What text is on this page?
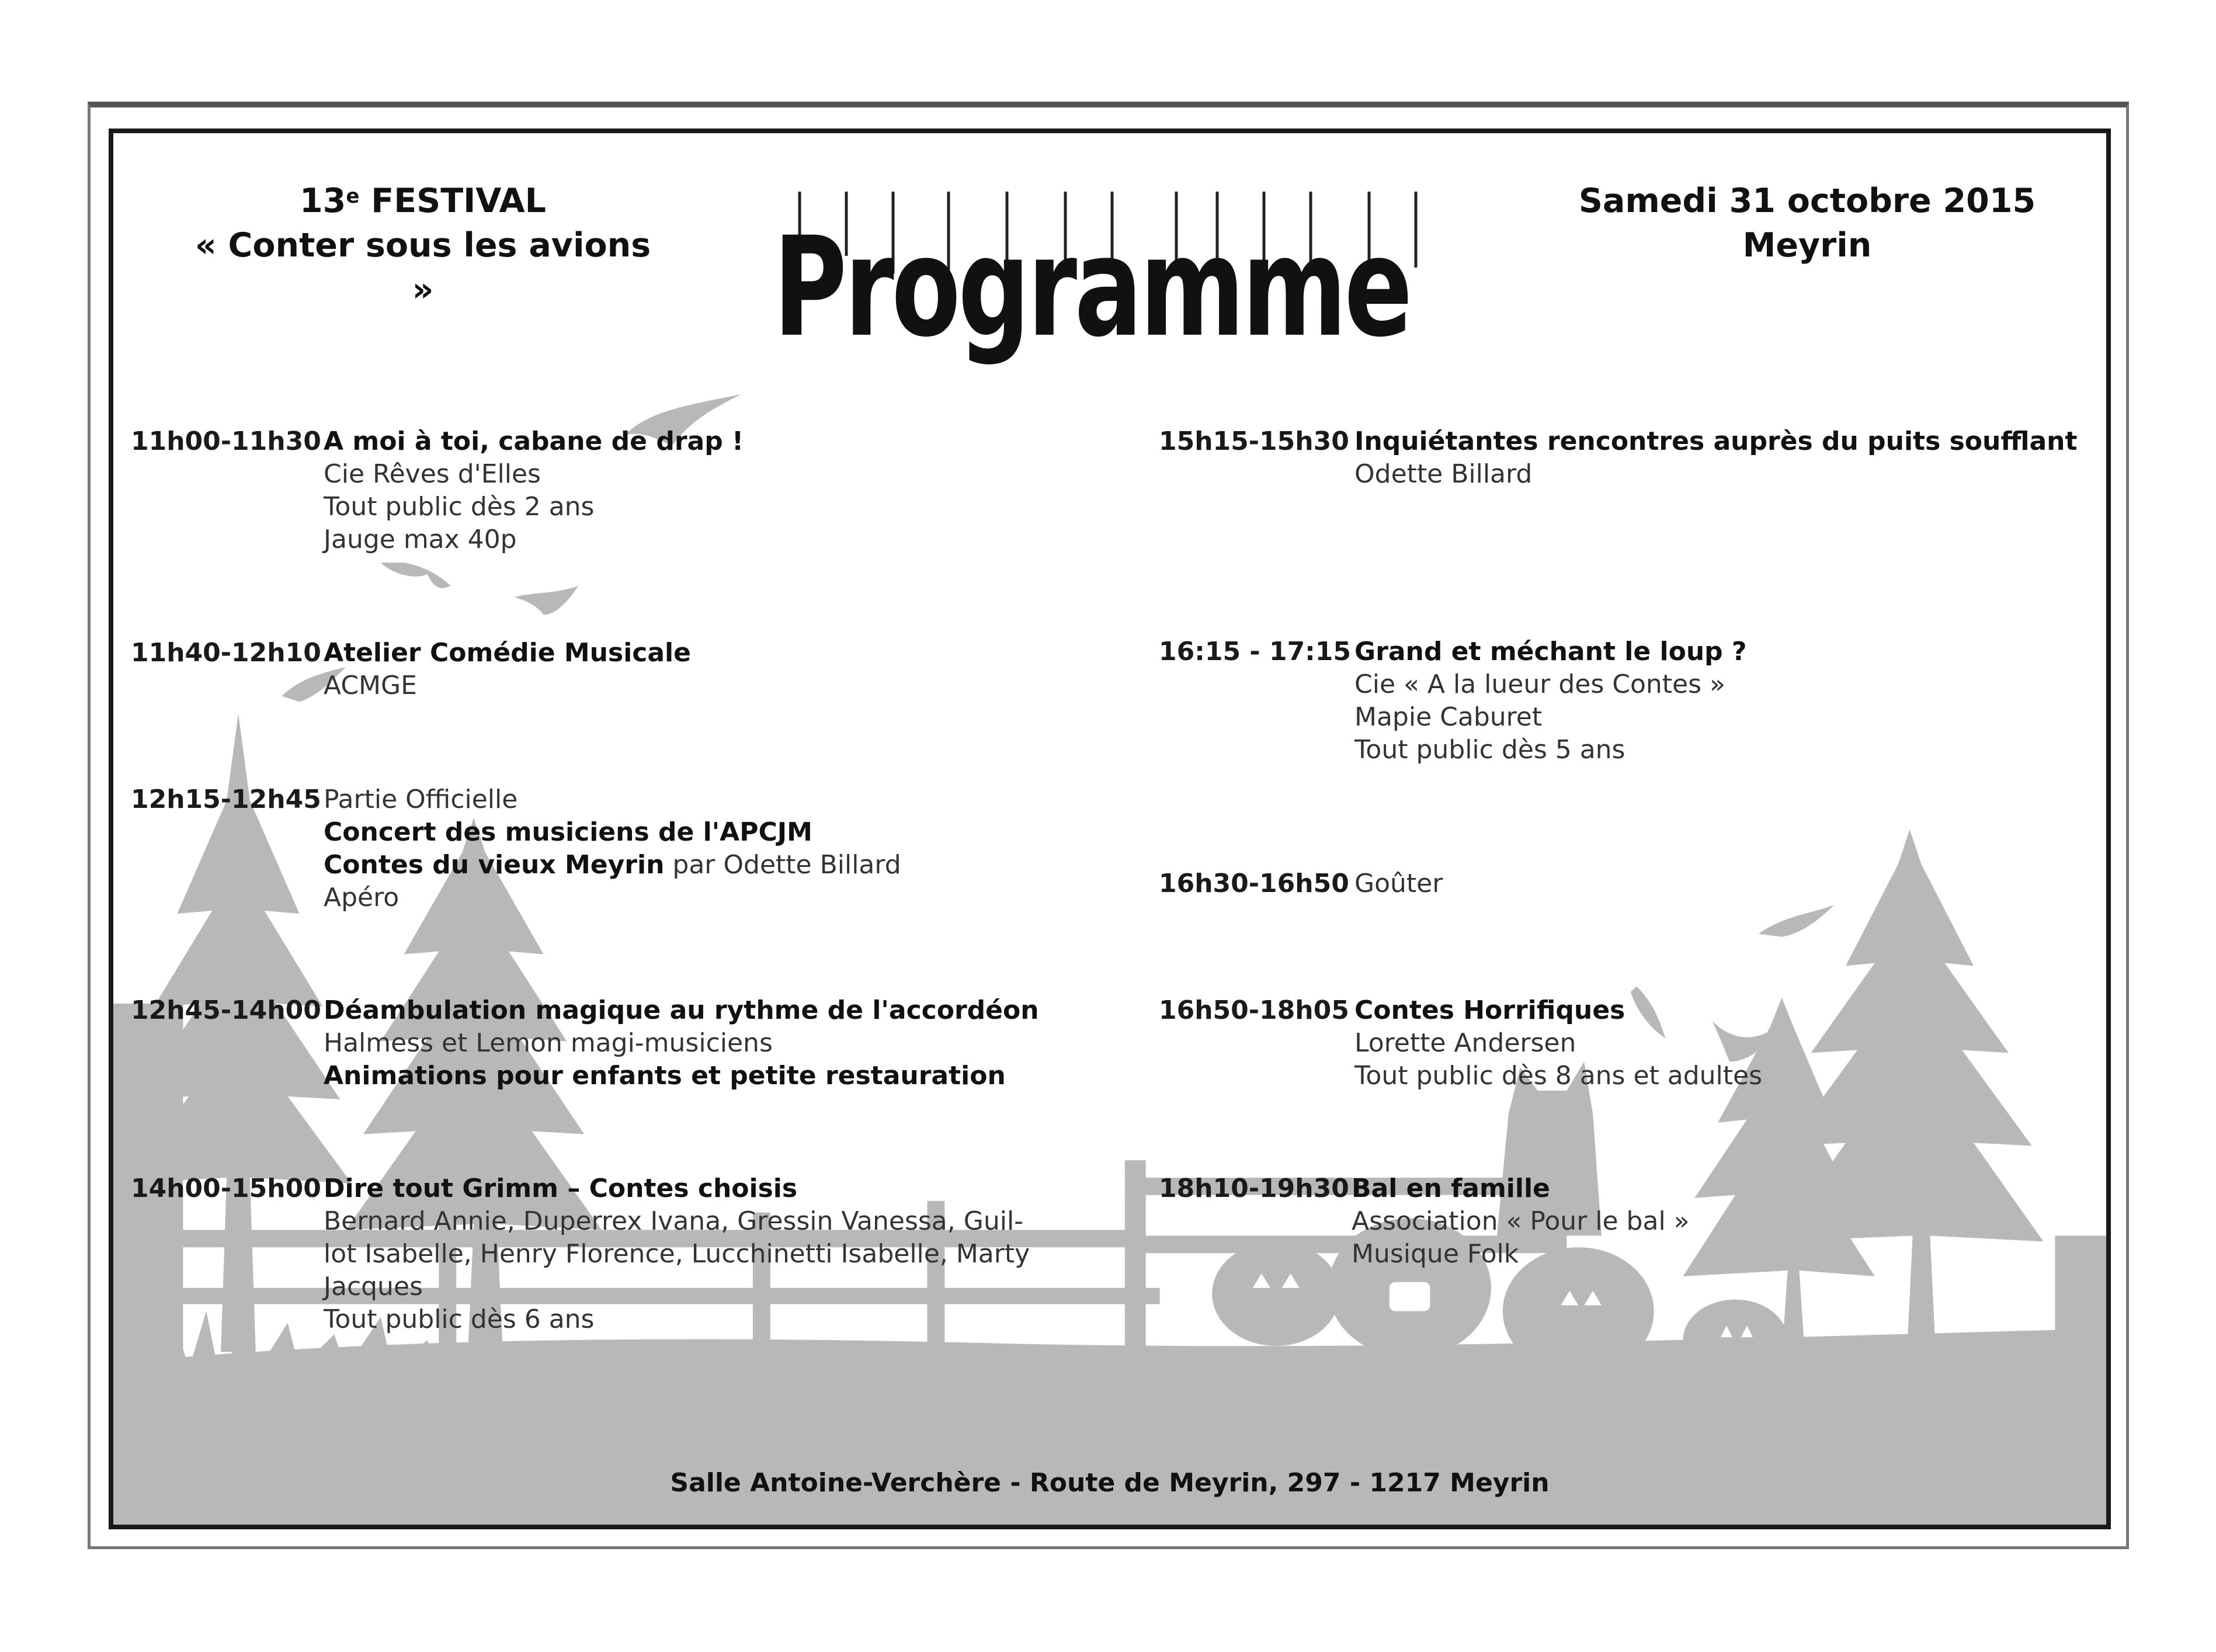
13e FESTIVAL
« Conter sous les avions »	Programme
Samedi 31 octobre 2015
Meyrin
11h00-11h30 A moi à toi, cabane de drap !
Cie Rêves d'Elles
Tout public dès 2 ans
Jauge max 40p
11h40-12h10 Atelier Comédie Musicale
ACMGE
12h15-12h45 Partie Officielle
Concert des musiciens de l'APCJM
Contes du vieux Meyrin par Odette Billard
Apéro
12h45-14h00 Déambulation magique au rythme de l'accordéon
Halmess et Lemon magi-musiciens
Animations pour enfants et petite restauration
14h00-15h00 Dire tout Grimm – Contes choisis
Bernard Annie, Duperrex Ivana, Gressin Vanessa, Guil-
lot Isabelle, Henry Florence, Lucchinetti Isabelle, Marty
Jacques
Tout public dès 6 ans
15h15-15h30 Inquiétantes rencontres auprès du puits soufflant
Odette Billard
16:15 - 17:15 Grand et méchant le loup ?
Cie « A la lueur des Contes »
Mapie Caburet
Tout public dès 5 ans
16h30-16h50 Goûter
16h50-18h05 Contes Horrifiques
Lorette Andersen
Tout public dès 8 ans et adultes
18h10-19h30 Bal en famille
Association « Pour le bal »
Musique Folk
Salle Antoine-Verchère - Route de Meyrin, 297 - 1217 Meyrin
